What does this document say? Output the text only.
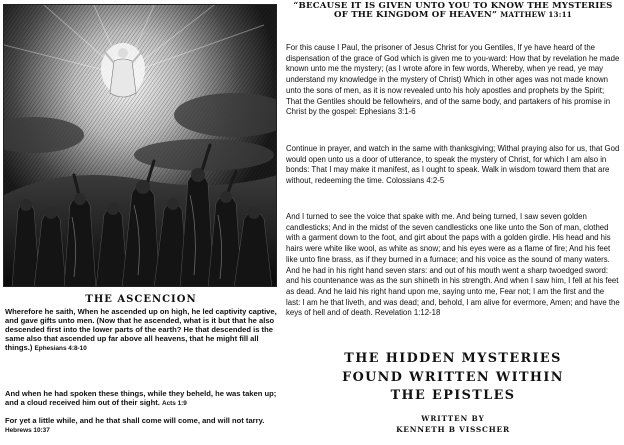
THE ASCENCION
Wherefore he saith, When he ascended up on high, he led captivity captive, and gave gifts unto men. (Now that he ascended, what is it but that he also descended first into the lower parts of the earth? He that descended is the same also that ascended up far above all heavens, that he might fill all things.) Ephesians 4:8-10
And when he had spoken these things, while they beheld, he was taken up; and a cloud received him out of their sight. Acts 1:9
For yet a little while, and he that shall come will come, and will not tarry. Hebrews 10:37
“BECAUSE IT IS GIVEN UNTO YOU TO KNOW THE MYSTERIES OF THE KINGDOM OF HEAVEN” MATTHEW 13:11

For this cause I Paul, the prisoner of Jesus Christ for you Gentiles, If ye have heard of the dispensation of the grace of God which is given me to you-ward: How that by revelation he made known unto me the mystery; (as I wrote afore in few words, Whereby, when ye read, ye may understand my knowledge in the mystery of Christ) Which in other ages was not made known unto the sons of men, as it is now revealed unto his holy apostles and prophets by the Spirit; That the Gentiles should be fellowheirs, and of the same body, and partakers of his promise in Christ by the gospel: Ephesians 3:1-6

Continue in prayer, and watch in the same with thanksgiving; Withal praying also for us, that God would open unto us a door of utterance, to speak the mystery of Christ, for which I am also in bonds: That I may make it manifest, as I ought to speak. Walk in wisdom toward them that are without, redeeming the time. Colossians 4:2-5

And I turned to see the voice that spake with me. And being turned, I saw seven golden candlesticks; And in the midst of the seven candlesticks one like unto the Son of man, clothed with a garment down to the foot, and girt about the paps with a golden girdle. His head and his hairs were white like wool, as white as snow; and his eyes were as a flame of fire; And his feet like unto fine brass, as if they burned in a furnace; and his voice as the sound of many waters. And he had in his right hand seven stars: and out of his mouth went a sharp twoedged sword: and his countenance was as the sun shineth in his strength. And when I saw him, I fell at his feet as dead. And he laid his right hand upon me, saying unto me, Fear not; I am the first and the last: I am he that liveth, and was dead; and, behold, I am alive for evermore, Amen; and have the keys of hell and of death. Revelation 1:12-18

THE HIDDEN MYSTERIES
FOUND WRITTEN WITHIN
THE EPISTLES
WRITTEN BY
KENNETH B VISSCHER
